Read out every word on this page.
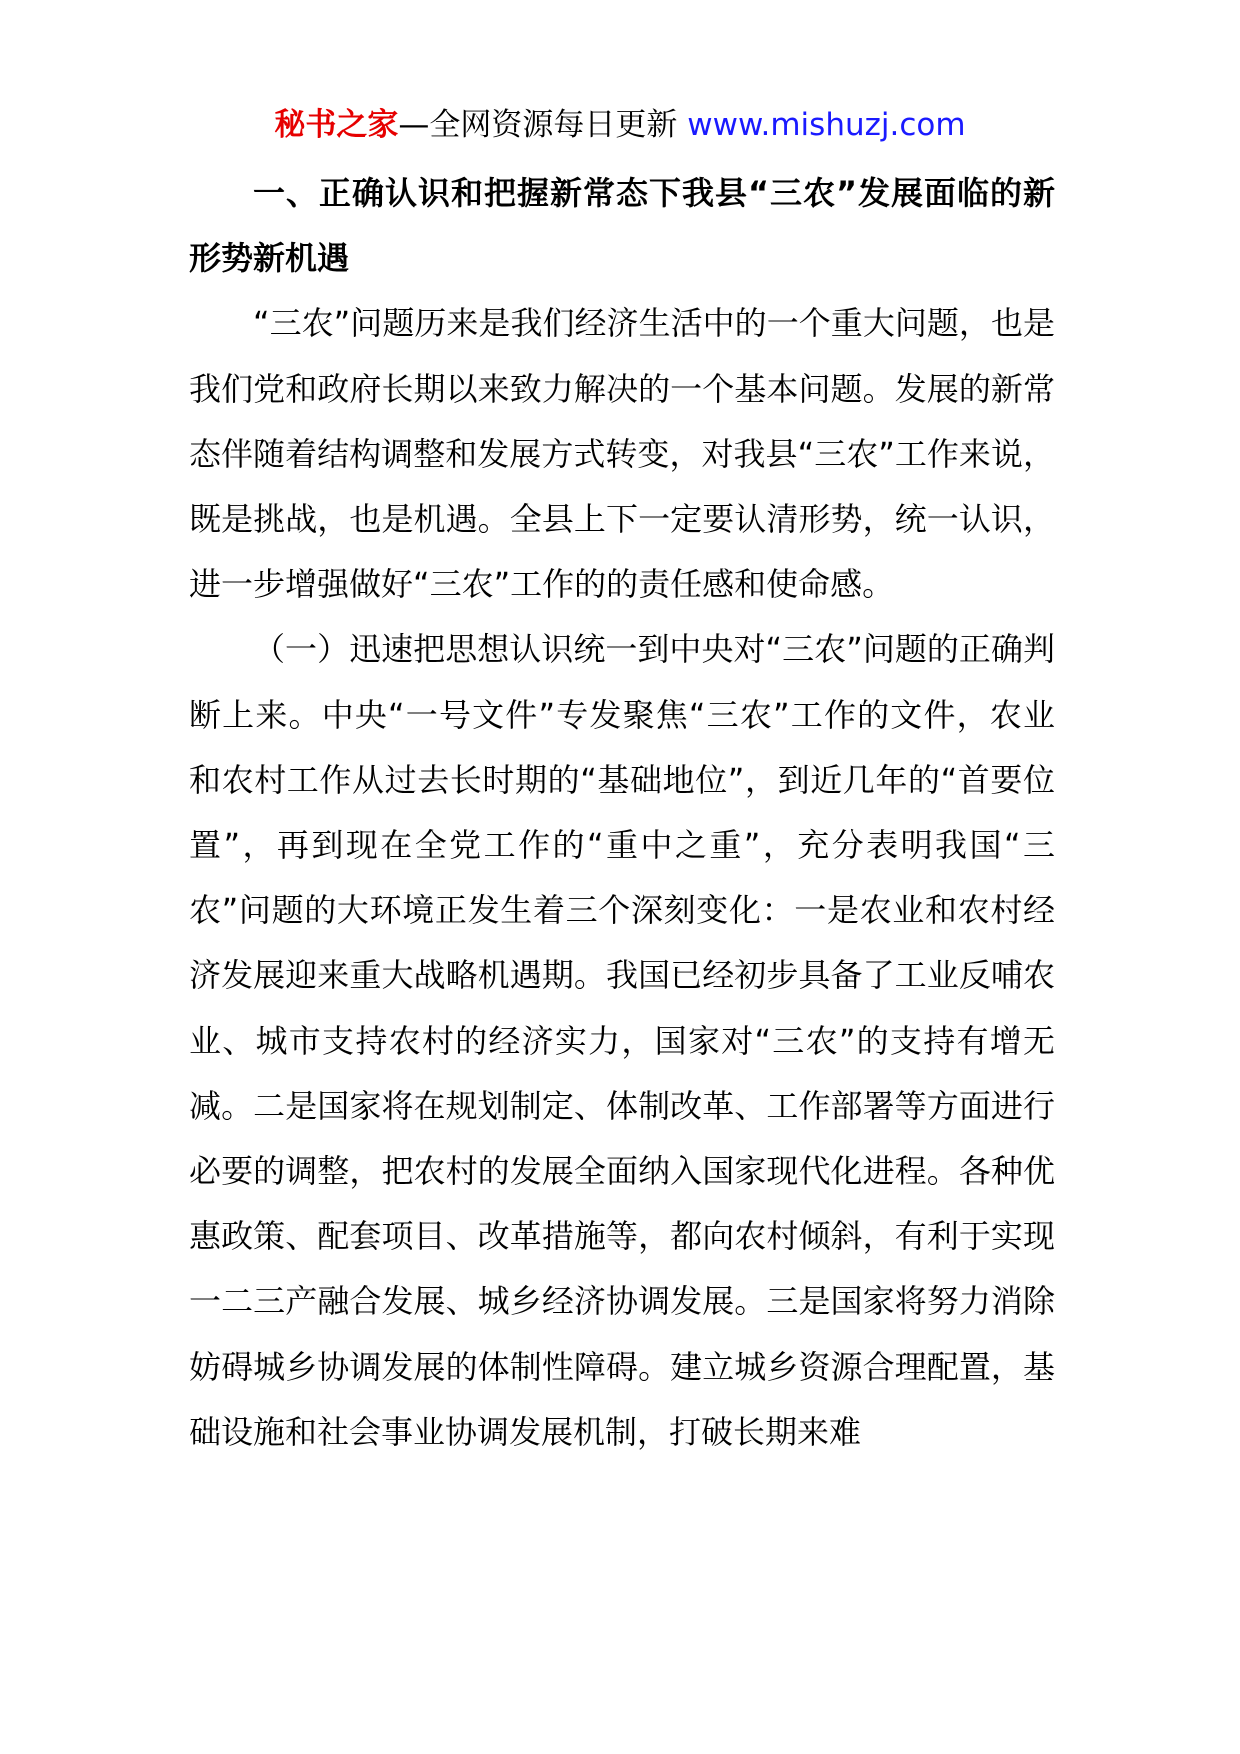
秘书之家—全网资源每日更新 www.mishuzj.com
一、正确认识和把握新常态下我县“三农”发展面临的新形势新机遇

“三农”问题历来是我们经济生活中的一个重大问题，也是我们党和政府长期以来致力解决的一个基本问题。发展的新常态伴随着结构调整和发展方式转变，对我县“三农”工作来说，既是挑战，也是机遇。全县上下一定要认清形势，统一认识，进一步增强做好“三农”工作的的责任感和使命感。

（一）迅速把思想认识统一到中央对“三农”问题的正确判断上来。中央“一号文件”专发聚焦“三农”工作的文件，农业和农村工作从过去长时期的“基础地位”，到近几年的“首要位置”，再到现在全党工作的“重中之重”，充分表明我国“三农”问题的大环境正发生着三个深刻变化：一是农业和农村经济发展迎来重大战略机遇期。我国已经初步具备了工业反哺农业、城市支持农村的经济实力，国家对“三农”的支持有增无减。二是国家将在规划制定、体制改革、工作部署等方面进行必要的调整，把农村的发展全面纳入国家现代化进程。各种优惠政策、配套项目、改革措施等，都向农村倾斜，有利于实现一二三产融合发展、城乡经济协调发展。三是国家将努力消除妨碍城乡协调发展的体制性障碍。建立城乡资源合理配置，基础设施和社会事业协调发展机制，打破长期来难
